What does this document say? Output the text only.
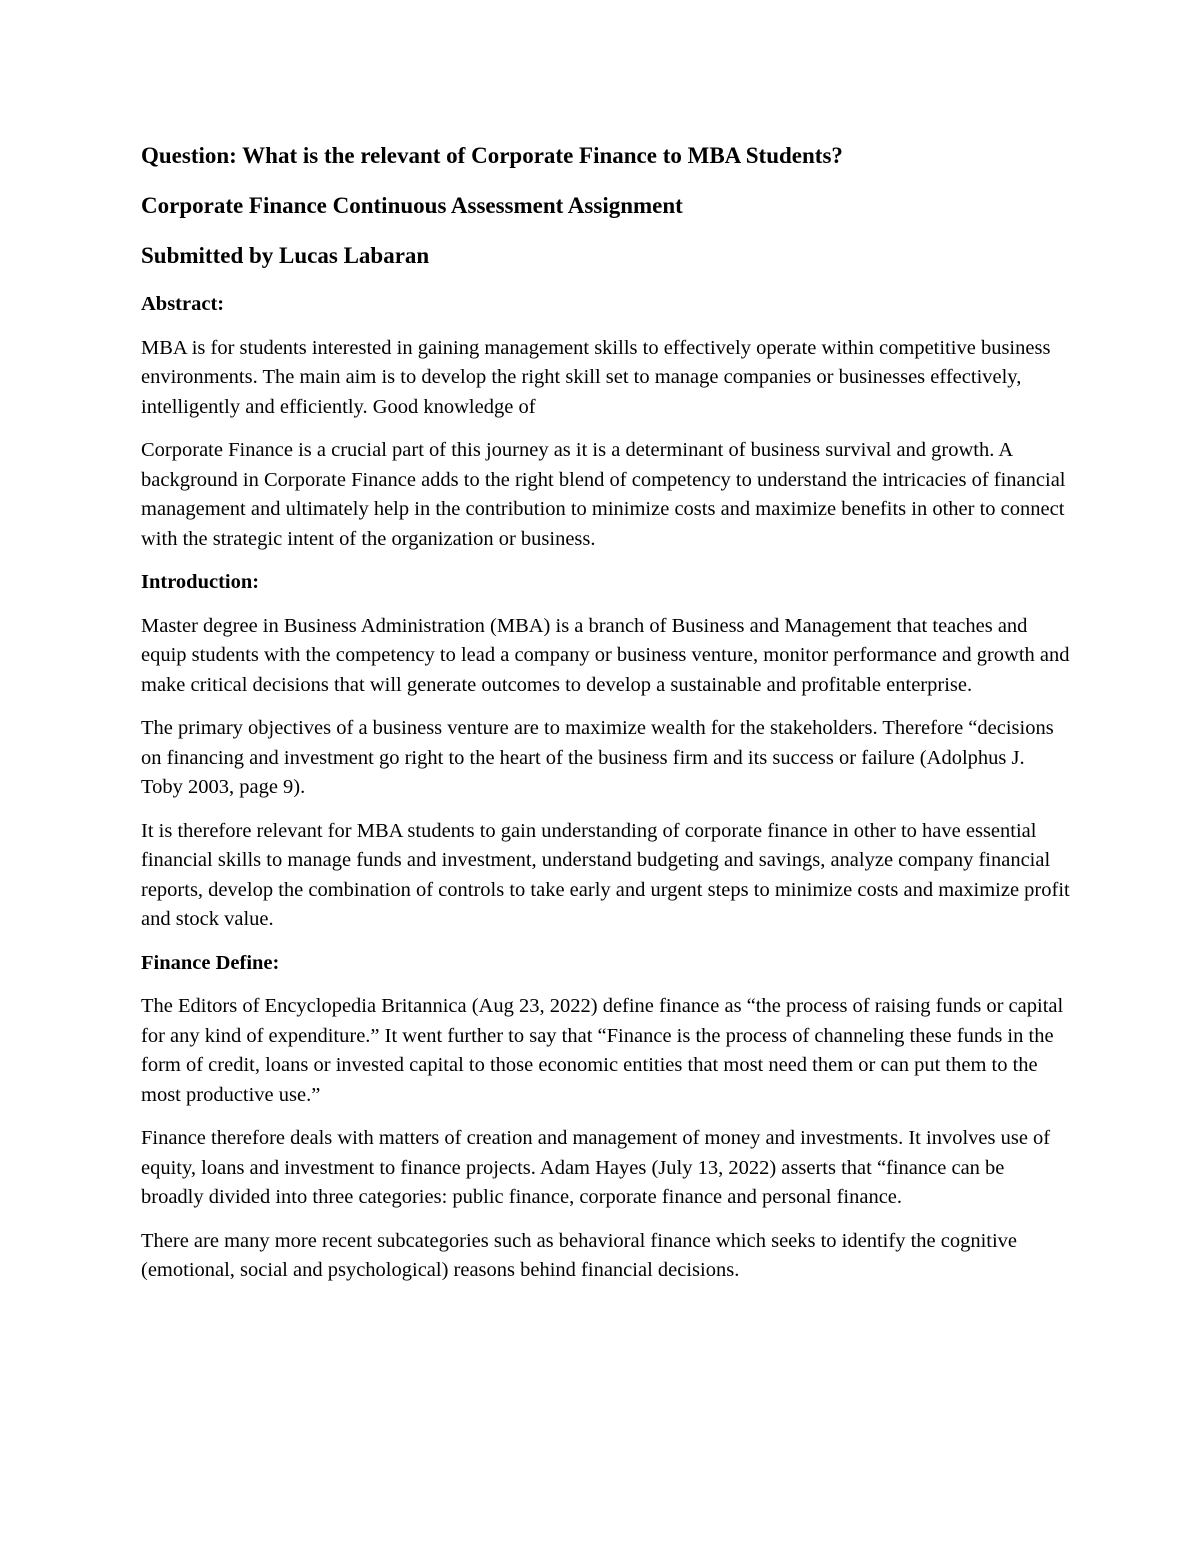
Question: What is the relevant of Corporate Finance to MBA Students?

Corporate Finance Continuous Assessment Assignment

Submitted by Lucas Labaran

Abstract:

MBA is for students interested in gaining management skills to effectively operate within competitive business environments. The main aim is to develop the right skill set to manage companies or businesses effectively, intelligently and efficiently. Good knowledge of

Corporate Finance is a crucial part of this journey as it is a determinant of business survival and growth. A background in Corporate Finance adds to the right blend of competency to understand the intricacies of financial management and ultimately help in the contribution to minimize costs and maximize benefits in other to connect with the strategic intent of the organization or business.

Introduction:

Master degree in Business Administration (MBA) is a branch of Business and Management that teaches and equip students with the competency to lead a company or business venture, monitor performance and growth and make critical decisions that will generate outcomes to develop a sustainable and profitable enterprise.

The primary objectives of a business venture are to maximize wealth for the stakeholders. Therefore “decisions on financing and investment go right to the heart of the business firm and its success or failure (Adolphus J. Toby 2003, page 9).

It is therefore relevant for MBA students to gain understanding of corporate finance in other to have essential financial skills to manage funds and investment, understand budgeting and savings, analyze company financial reports, develop the combination of controls to take early and urgent steps to minimize costs and maximize profit and stock value.

Finance Define:

The Editors of Encyclopedia Britannica (Aug 23, 2022) define finance as “the process of raising funds or capital for any kind of expenditure.” It went further to say that “Finance is the process of channeling these funds in the form of credit, loans or invested capital to those economic entities that most need them or can put them to the most productive use.”

Finance therefore deals with matters of creation and management of money and investments. It involves use of equity, loans and investment to finance projects. Adam Hayes (July 13, 2022) asserts that “finance can be broadly divided into three categories: public finance, corporate finance and personal finance.

There are many more recent subcategories such as behavioral finance which seeks to identify the cognitive (emotional, social and psychological) reasons behind financial decisions.
